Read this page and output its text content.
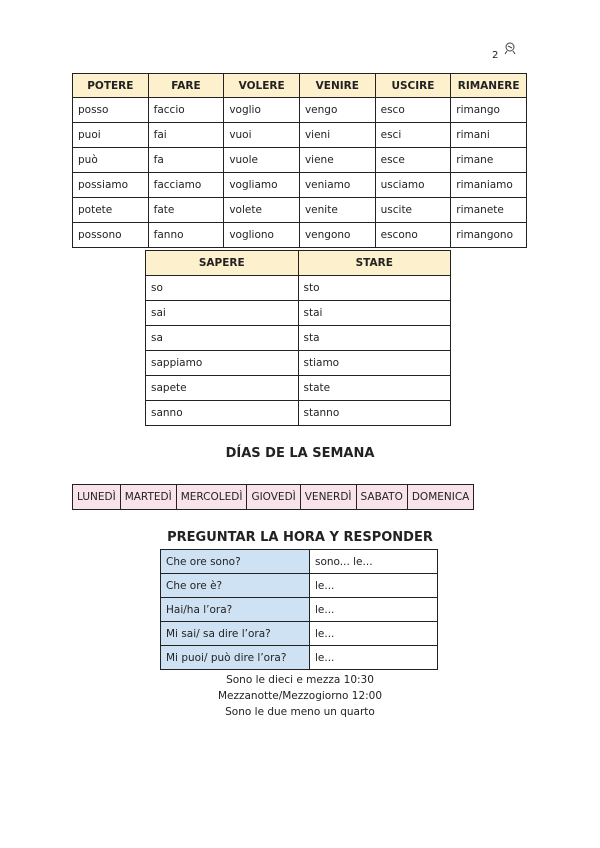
2
POTERE	FARE	VOLERE	VENIRE	USCIRE	RIMANERE
posso	faccio	voglio	vengo	esco	rimango
puoi	fai	vuoi	vieni	esci	rimani
può	fa	vuole	viene	esce	rimane
possiamo	facciamo	vogliamo	veniamo	usciamo	rimaniamo
potete	fate	volete	venite	uscite	rimanete
possono	fanno	vogliono	vengono	escono	rimangono
SAPERE	STARE
so	sto
sai	stai
sa	sta
sappiamo	stiamo
sapete	state
sanno	stanno
DÍAS DE LA SEMANA
LUNEDÌ MARTEDÌ MERCOLEDÌ GIOVEDÌ VENERDÌ SABATO DOMENICA
PREGUNTAR LA HORA Y RESPONDER
Che ore sono?	sono... le...
Che ore è?	le...
Hai/ha l’ora?	le...
Mi sai/ sa dire l’ora?	le...
Mi puoi/ può dire l’ora?	le...
Sono le dieci e mezza 10:30
Mezzanotte/Mezzogiorno 12:00
Sono le due meno un quarto
